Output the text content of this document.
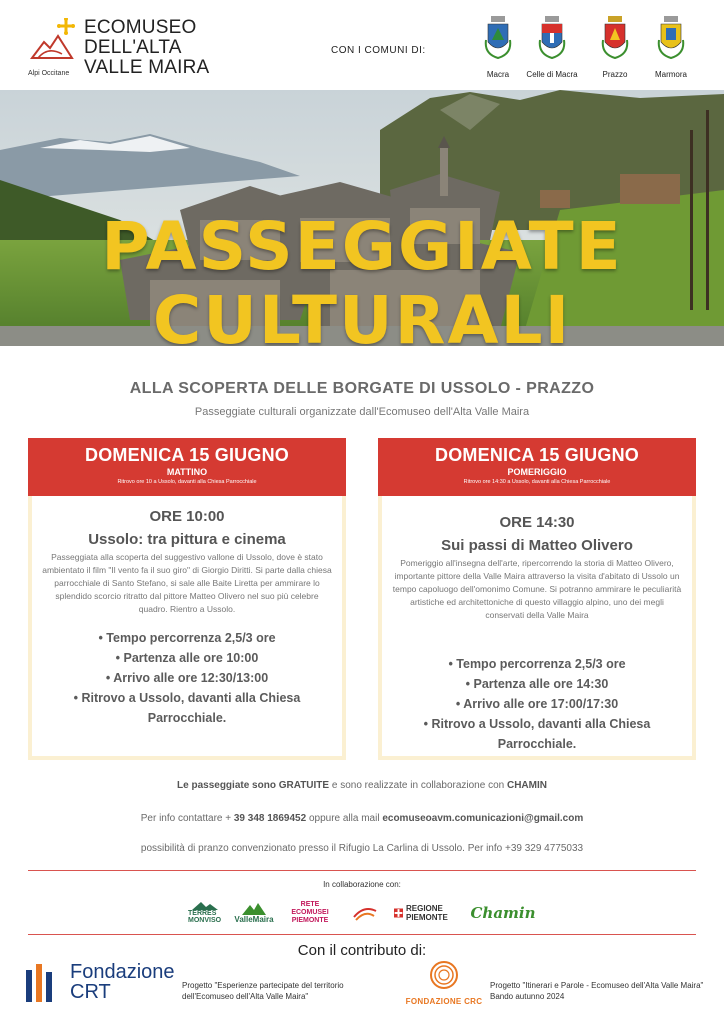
Alpi Occitane
ECOMUSEO
DELL'ALTA
VALLE MAIRA
CON I COMUNI DI:
Macra	Celle di Macra	Prazzo	Marmora
PASSEGGIATE
CULTURALI
ALLA SCOPERTA DELLE BORGATE DI USSOLO - PRAZZO
Passeggiate culturali organizzate dall'Ecomuseo dell'Alta Valle Maira
DOMENICA 15 GIUGNO
MATTINO
Ritrovo ore 10 a Ussolo, davanti alla Chiesa Parrocchiale
ORE 10:00
Ussolo: tra pittura e cinema
Passeggiata alla scoperta del suggestivo vallone di Ussolo, dove è stato ambientato il film "Il vento fa il suo giro" di Giorgio Diritti. Si parte dalla chiesa parrocchiale di Santo Stefano, si sale alle Baite Liretta per ammirare lo splendido scorcio ritratto dal pittore Matteo Olivero nel suo più celebre quadro. Rientro a Ussolo.
• Tempo percorrenza 2,5/3 ore
• Partenza alle ore 10:00
• Arrivo alle ore 12:30/13:00
• Ritrovo a Ussolo, davanti alla Chiesa
Parrocchiale.
DOMENICA 15 GIUGNO
POMERIGGIO
Ritrovo ore 14:30 a Ussolo, davanti alla Chiesa Parrocchiale
ORE 14:30
Sui passi di Matteo Olivero
Pomeriggio all'insegna dell'arte, ripercorrendo la storia di Matteo Olivero, importante pittore della Valle Maira attraverso la visita d'abitato di Ussolo un tempo capoluogo dell'omonimo Comune. Si potranno ammirare le peculiarità artistiche ed architettoniche di questo villaggio alpino, uno dei megli conservati della Valle Maira
• Tempo percorrenza 2,5/3 ore
• Partenza alle ore 14:30
• Arrivo alle ore 17:00/17:30
• Ritrovo a Ussolo, davanti alla Chiesa
Parrocchiale.
Le passeggiate sono GRATUITE e sono realizzate in collaborazione con CHAMIN
Per info contattare + 39 348 1869452 oppure alla mail ecomuseoavm.comunicazioni@gmail.com
possibilità di pranzo convenzionato presso il Rifugio La Carlina di Ussolo. Per info +39 329 4775033
In collaborazione con:
TERRES MONVISO ValleMaira
RETE ECOMUSEI PIEMONTE
REGIONE PIEMONTE	Chamin
Con il contributo di:
Fondazione
CRT	Progetto "Esperienze partecipate del territorio dell'Ecomuseo dell'Alta Valle Maira"
FONDAZIONE CRC
Progetto "Itinerari e Parole - Ecomuseo dell'Alta Valle Maira" Bando autunno 2024
